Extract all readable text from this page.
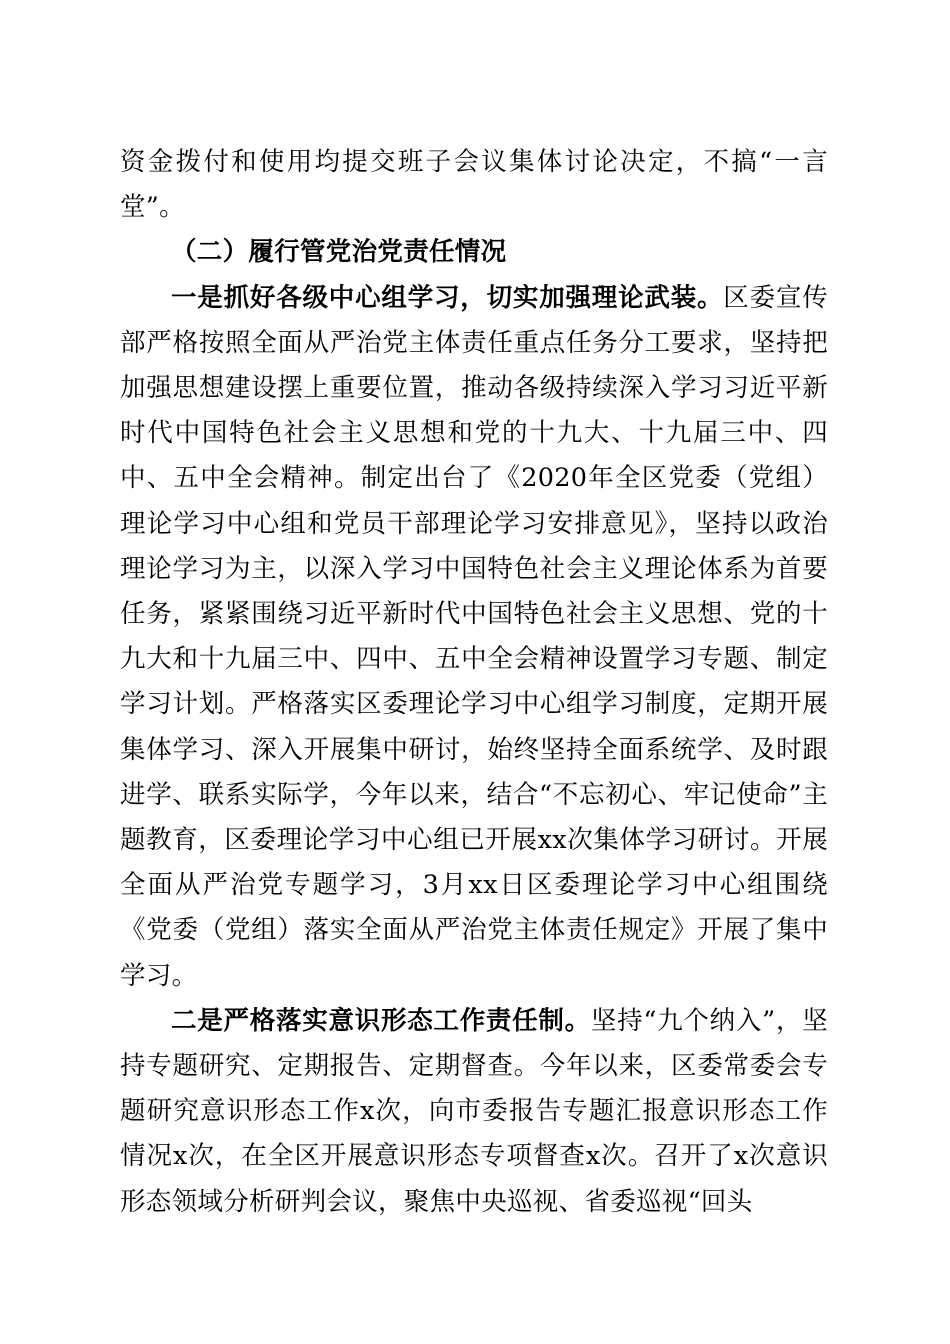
资金拨付和使用均提交班子会议集体讨论决定，不搞“一言堂”。

（二）履行管党治党责任情况

一是抓好各级中心组学习，切实加强理论武装。区委宣传部严格按照全面从严治党主体责任重点任务分工要求，坚持把加强思想建设摆上重要位置，推动各级持续深入学习习近平新时代中国特色社会主义思想和党的十九大、十九届三中、四中、五中全会精神。制定出台了《2020年全区党委（党组）理论学习中心组和党员干部理论学习安排意见》，坚持以政治理论学习为主，以深入学习中国特色社会主义理论体系为首要任务，紧紧围绕习近平新时代中国特色社会主义思想、党的十九大和十九届三中、四中、五中全会精神设置学习专题、制定学习计划。严格落实区委理论学习中心组学习制度，定期开展集体学习、深入开展集中研讨，始终坚持全面系统学、及时跟进学、联系实际学，今年以来，结合“不忘初心、牢记使命”主题教育，区委理论学习中心组已开展xx次集体学习研讨。开展全面从严治党专题学习，3月xx日区委理论学习中心组围绕《党委（党组）落实全面从严治党主体责任规定》开展了集中学习。

二是严格落实意识形态工作责任制。坚持“九个纳入”，坚持专题研究、定期报告、定期督查。今年以来，区委常委会专题研究意识形态工作x次，向市委报告专题汇报意识形态工作情况x次，在全区开展意识形态专项督查x次。召开了x次意识形态领域分析研判会议，聚焦中央巡视、省委巡视“回头
